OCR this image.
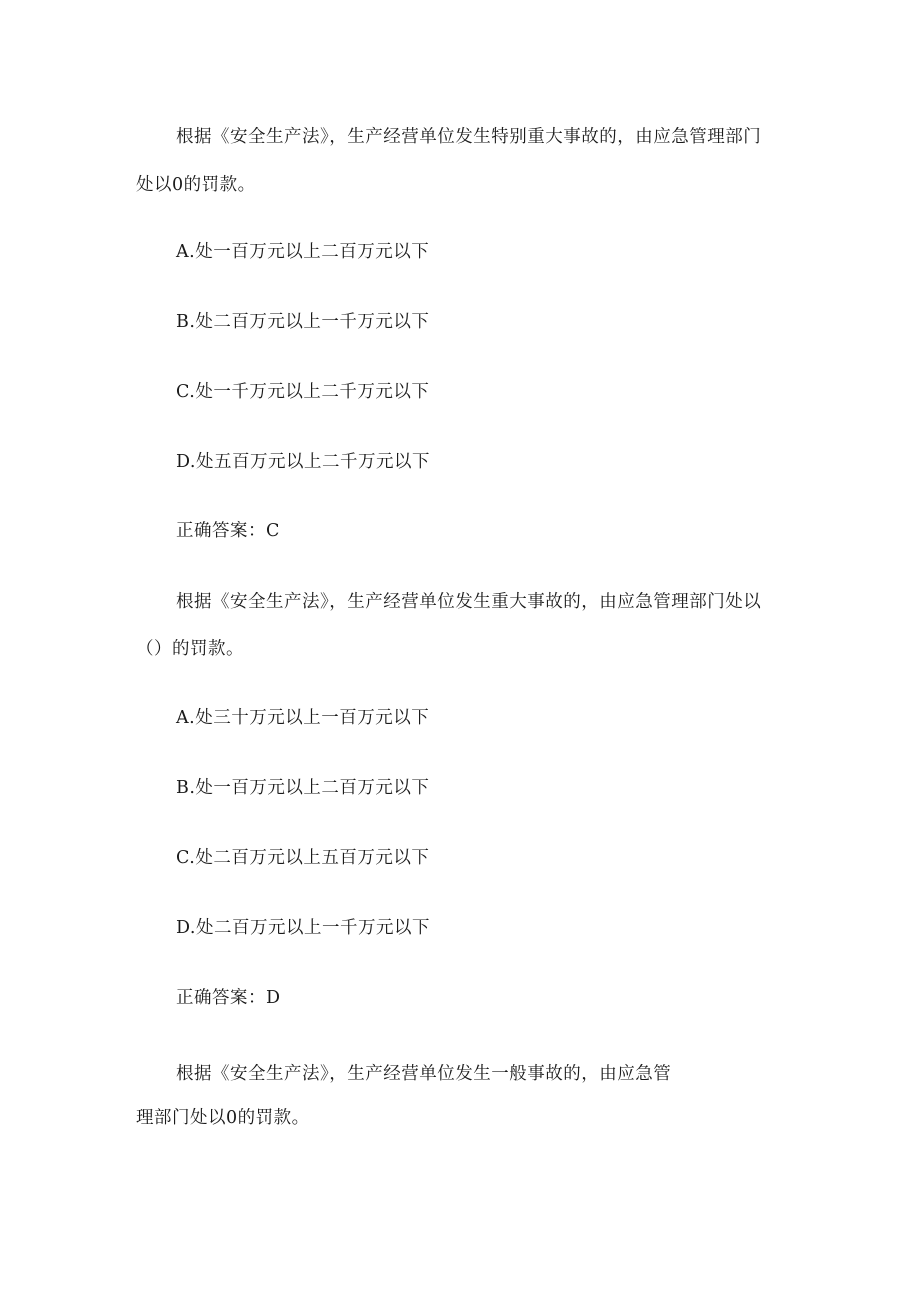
根据《安全生产法》，生产经营单位发生特别重大事故的，由应急管理部门
处以0的罚款。
A.处一百万元以上二百万元以下
B.处二百万元以上一千万元以下
C.处一千万元以上二千万元以下
D.处五百万元以上二千万元以下
正确答案：C
根据《安全生产法》，生产经营单位发生重大事故的，由应急管理部门处以
（）的罚款。
A.处三十万元以上一百万元以下
B.处一百万元以上二百万元以下
C.处二百万元以上五百万元以下
D.处二百万元以上一千万元以下
正确答案：D
根据《安全生产法》，生产经营单位发生一般事故的，由应急管
理部门处以0的罚款。
